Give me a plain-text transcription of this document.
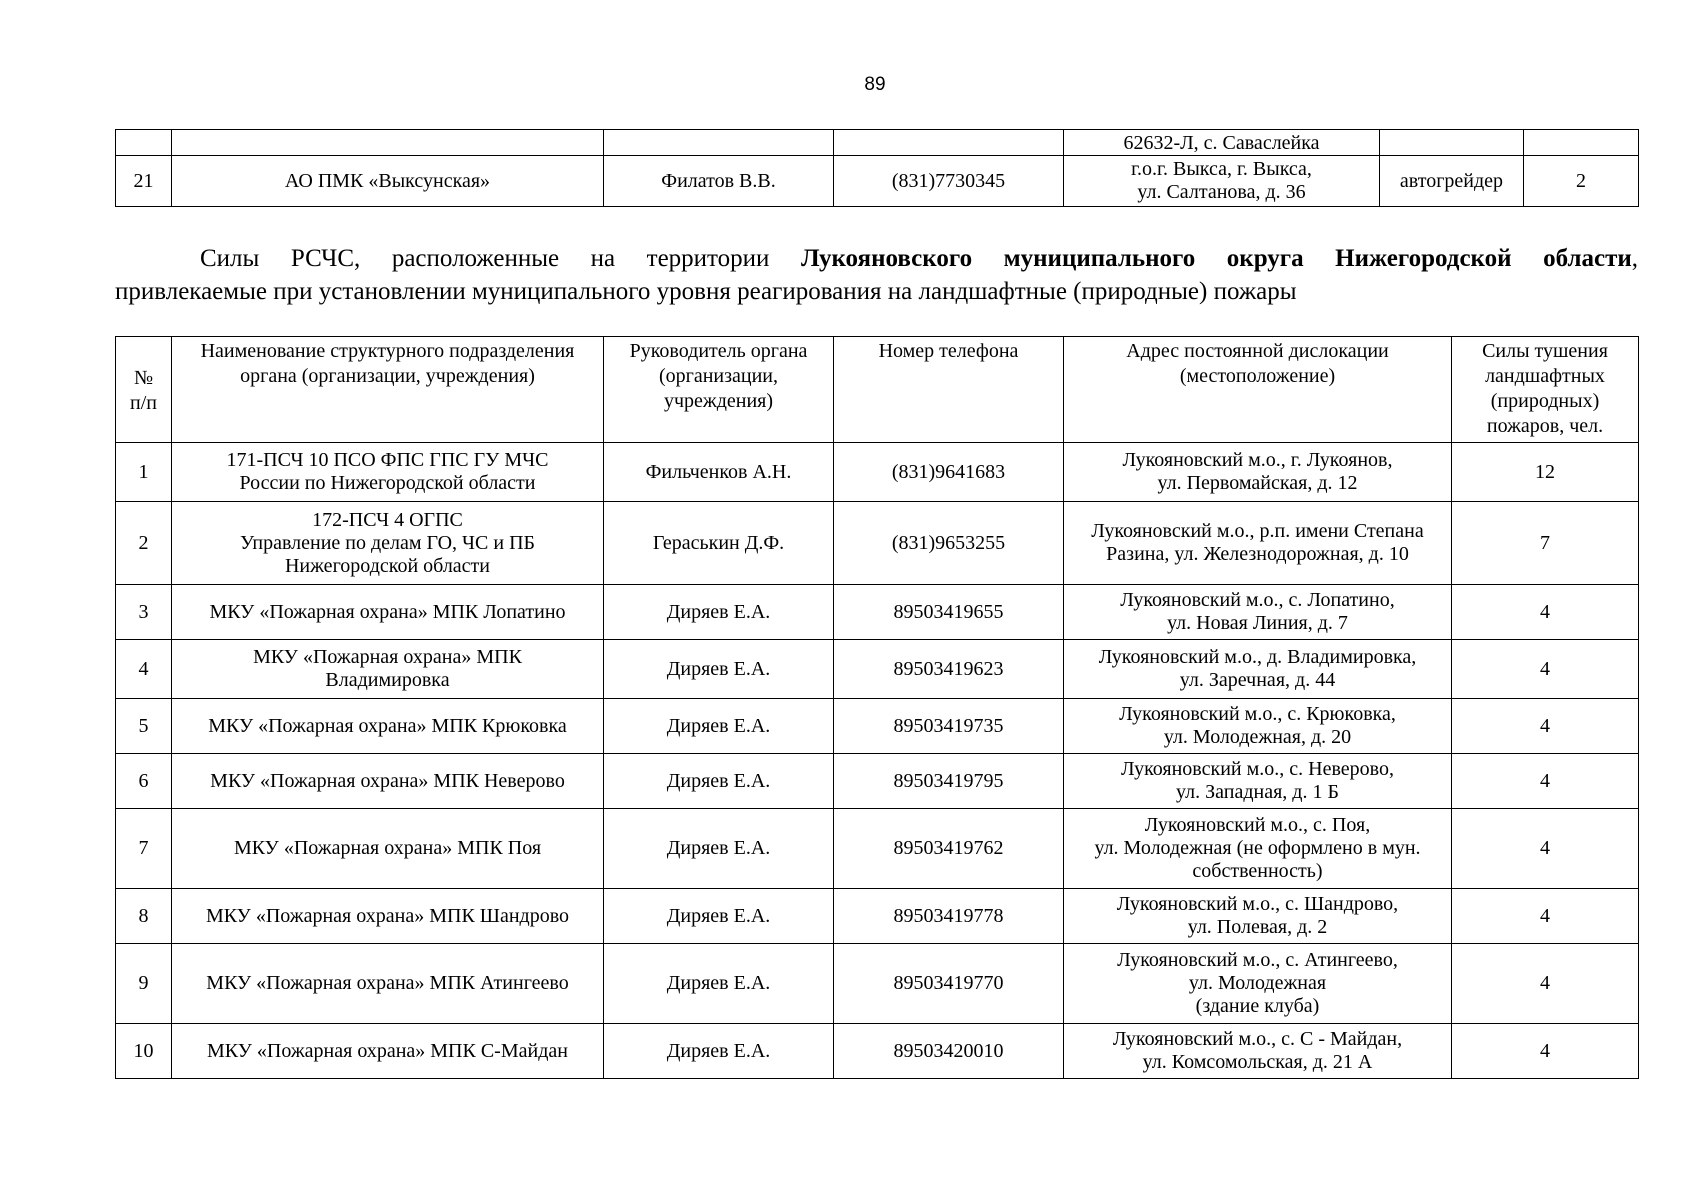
89
				62632-Л, с. Саваслейка		
21	АО ПМК «Выксунская»	Филатов В.В.	(831)7730345	г.о.г. Выкса, г. Выкса,
ул. Салтанова, д. 36	автогрейдер	2
Силы РСЧС, расположенные на территории Лукояновского муниципального округа Нижегородской области,
привлекаемые при установлении муниципального уровня реагирования на ландшафтные (природные) пожары
№
п/п	Наименование структурного подразделения
органа (организации, учреждения)	Руководитель органа
(организации,
учреждения)	Номер телефона	Адрес постоянной дислокации
(местоположение)	Силы тушения
ландшафтных
(природных)
пожаров, чел.
1	171-ПСЧ 10 ПСО ФПС ГПС ГУ МЧС
России по Нижегородской области	Фильченков А.Н.	(831)9641683	Лукояновский м.о., г. Лукоянов,
ул. Первомайская, д. 12	12
2	172-ПСЧ 4 ОГПС
Управление по делам ГО, ЧС и ПБ
Нижегородской области	Гераськин Д.Ф.	(831)9653255	Лукояновский м.о., р.п. имени Степана
Разина, ул. Железнодорожная, д. 10	7
3	МКУ «Пожарная охрана» МПК Лопатино	Диряев Е.А.	89503419655	Лукояновский м.о., с. Лопатино,
ул. Новая Линия, д. 7	4
4	МКУ «Пожарная охрана» МПК
Владимировка	Диряев Е.А.	89503419623	Лукояновский м.о., д. Владимировка,
ул. Заречная, д. 44	4
5	МКУ «Пожарная охрана» МПК Крюковка	Диряев Е.А.	89503419735	Лукояновский м.о., с. Крюковка,
ул. Молодежная, д. 20	4
6	МКУ «Пожарная охрана» МПК Неверово	Диряев Е.А.	89503419795	Лукояновский м.о., с. Неверово,
ул. Западная, д. 1 Б	4
7	МКУ «Пожарная охрана» МПК Поя	Диряев Е.А.	89503419762	Лукояновский м.о., с. Поя,
ул. Молодежная (не оформлено в мун.
собственность)	4
8	МКУ «Пожарная охрана» МПК Шандрово	Диряев Е.А.	89503419778	Лукояновский м.о., с. Шандрово,
ул. Полевая, д. 2	4
9	МКУ «Пожарная охрана» МПК Атингеево	Диряев Е.А.	89503419770	Лукояновский м.о., с. Атингеево,
ул. Молодежная
(здание клуба)	4
10	МКУ «Пожарная охрана» МПК С-Майдан	Диряев Е.А.	89503420010	Лукояновский м.о., с. С - Майдан,
ул. Комсомольская, д. 21 А	4
